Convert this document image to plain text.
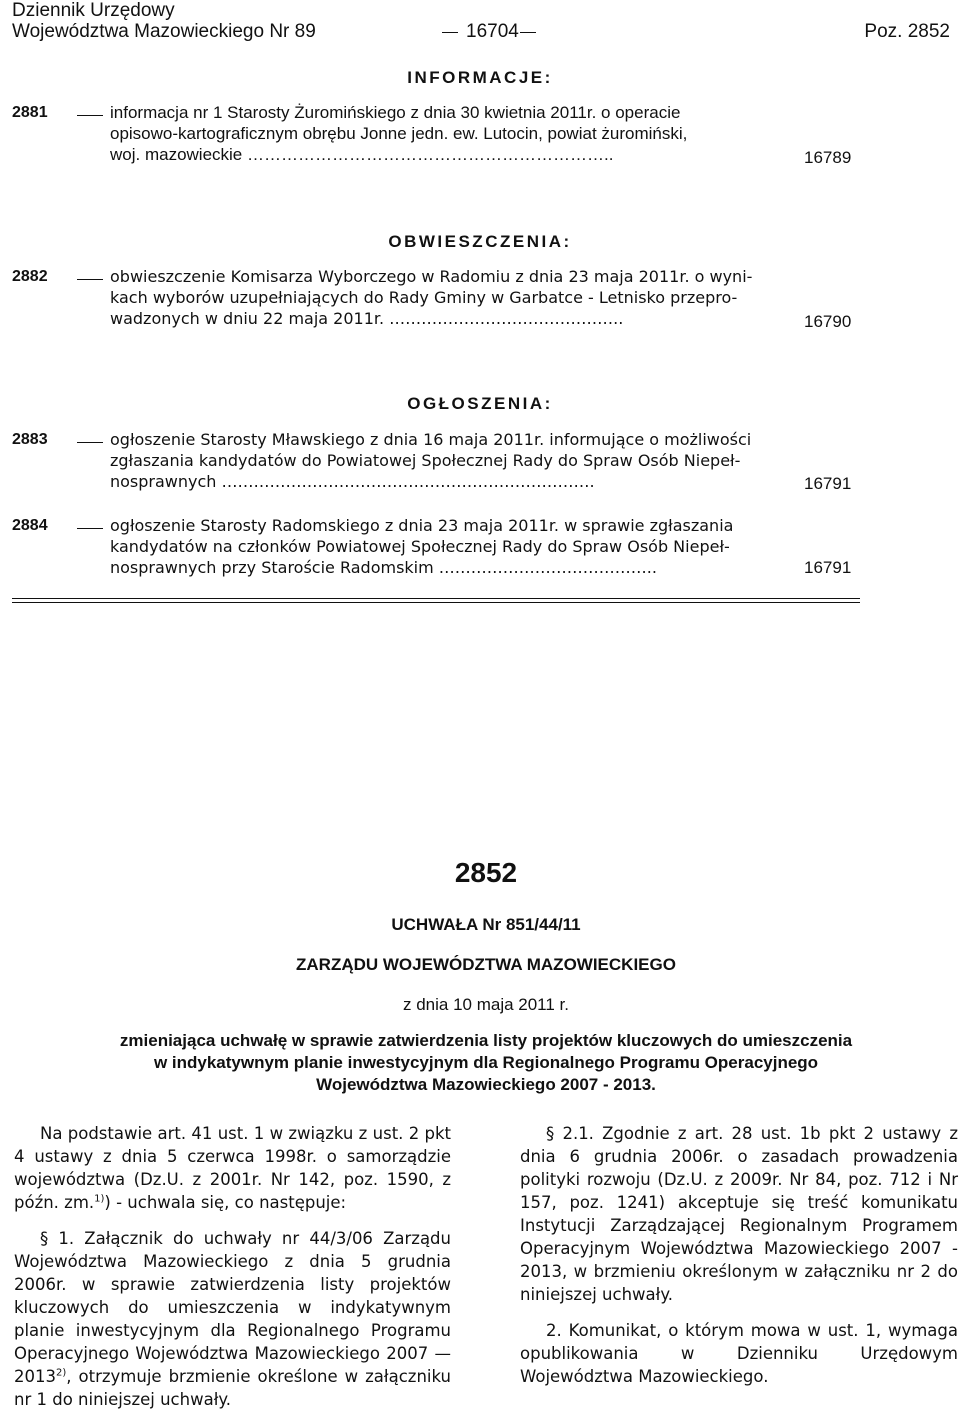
Dziennik Urzędowy
Województwa Mazowieckiego Nr 89	16704	Poz. 2852
INFORMACJE:
2881	informacja nr 1 Starosty Żuromińskiego z dnia 30 kwietnia 2011r. o operacie
opisowo-kartograficznym obrębu Jonne jedn. ew. Lutocin, powiat żuromiński,
woj. mazowieckie ………………………………………………………..	16789
OBWIESZCZENIA:
2882	obwieszczenie Komisarza Wyborczego w Radomiu z dnia 23 maja 2011r. o wyni-
kach wyborów uzupełniających do Rady Gminy w Garbatce - Letnisko przepro-
wadzonych w dniu 22 maja 2011r. ……………………………………..	16790
OGŁOSZENIA:
2883	ogłoszenie Starosty Mławskiego z dnia 16 maja 2011r. informujące o możliwości
zgłaszania kandydatów do Powiatowej Społecznej Rady do Spraw Osób Niepeł-
nosprawnych …………………………………………………………….	16791
2884	ogłoszenie Starosty Radomskiego z dnia 23 maja 2011r. w sprawie zgłaszania
kandydatów na członków Powiatowej Społecznej Rady do Spraw Osób Niepeł-
nosprawnych przy Staroście Radomskim …………………………………..	16791
2852
UCHWAŁA Nr 851/44/11
ZARZĄDU WOJEWÓDZTWA MAZOWIECKIEGO
z dnia 10 maja 2011 r.
zmieniająca uchwałę w sprawie zatwierdzenia listy projektów kluczowych do umieszczenia
w indykatywnym planie inwestycyjnym dla Regionalnego Programu Operacyjnego
Województwa Mazowieckiego 2007 - 2013.

Na podstawie art. 41 ust. 1 w związku z ust. 2 pkt 4 ustawy z dnia 5 czerwca 1998r. o samorządzie województwa (Dz.U. z 2001r. Nr 142, poz. 1590, z późn. zm.$^{1)}$) - uchwala się, co następuje:

§ 1. Załącznik do uchwały nr 44/3/06 Zarządu Województwa Mazowieckiego z dnia 5 grudnia 2006r. w sprawie zatwierdzenia listy projektów kluczowych do umieszczenia w indykatywnym planie inwestycyjnym dla Regionalnego Programu Operacyjnego Województwa Mazowieckiego 2007 — 2013$^{2)}$, otrzymuje brzmienie określone w załączniku nr 1 do niniejszej uchwały.

§ 2.1. Zgodnie z art. 28 ust. 1b pkt 2 ustawy z dnia 6 grudnia 2006r. o zasadach prowadzenia polityki rozwoju (Dz.U. z 2009r. Nr 84, poz. 712 i Nr 157, poz. 1241) akceptuje się treść komunikatu Instytucji Zarządzającej Regionalnym Programem Operacyjnym Województwa Mazowieckiego 2007 - 2013, w brzmieniu określonym w załączniku nr 2 do niniejszej uchwały.

2. Komunikat, o którym mowa w ust. 1, wymaga opublikowania w Dzienniku Urzędowym Województwa Mazowieckiego.
